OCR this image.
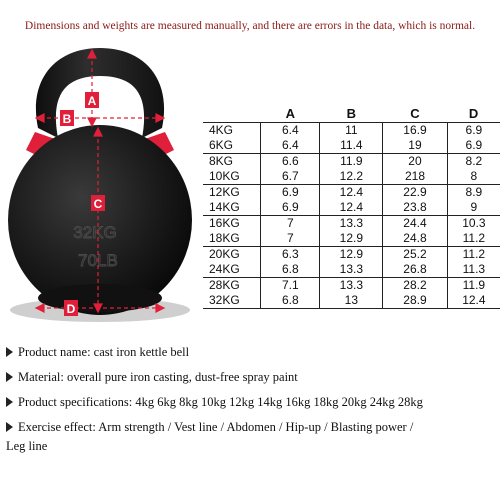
Dimensions and weights are measured manually, and there are errors in the data, which is normal.
32KG
70LB
A
B
C
D
	A	B	C	D
4KG	6.4	11	16.9	6.9
6KG	6.4	11.4	19	6.9
8KG	6.6	11.9	20	8.2
10KG	6.7	12.2	218	8
12KG	6.9	12.4	22.9	8.9
14KG	6.9	12.4	23.8	9
16KG	7	13.3	24.4	10.3
18KG	7	12.9	24.8	11.2
20KG	6.3	12.9	25.2	11.2
24KG	6.8	13.3	26.8	11.3
28KG	7.1	13.3	28.2	11.9
32KG	6.8	13	28.9	12.4
Product name: cast iron kettle bell
Material: overall pure iron casting, dust-free spray paint
Product specifications: 4kg 6kg 8kg 10kg 12kg 14kg 16kg 18kg 20kg 24kg 28kg
Exercise effect: Arm strength / Vest line / Abdomen / Hip-up / Blasting power /
Leg line
